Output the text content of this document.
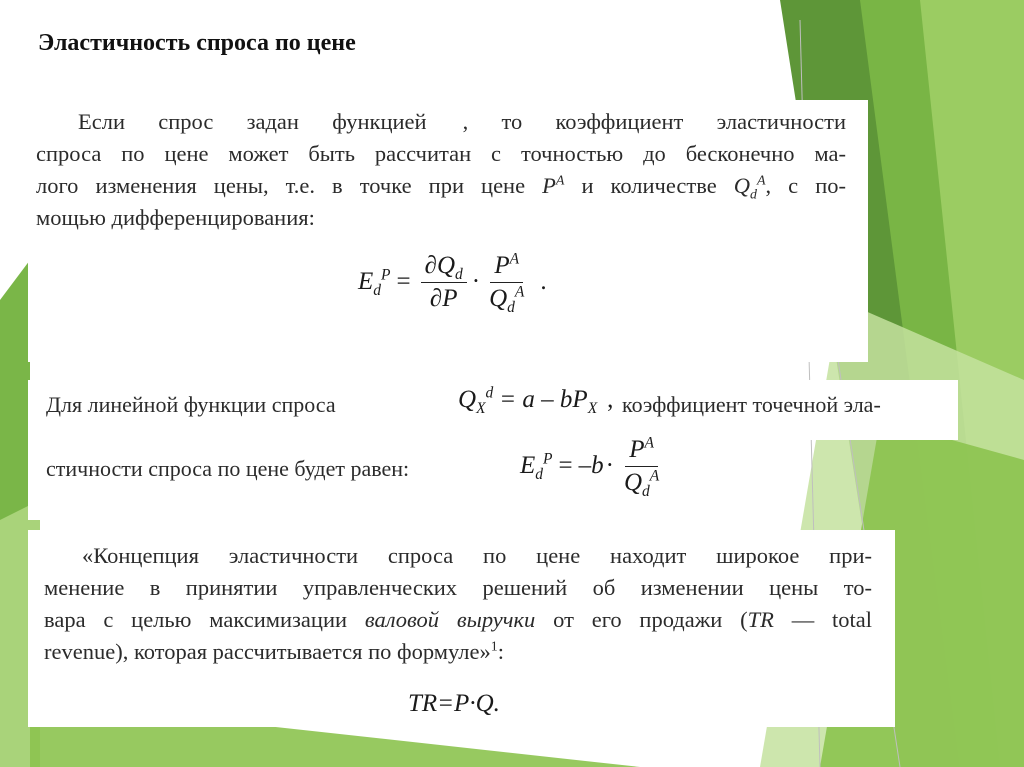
Эластичность спроса по цене
Если спрос задан функцией , то коэффициент эластичности
спроса по цене может быть рассчитан с точностью до бесконечно ма-
лого изменения цены, т.е. в точке при цене $P^A$ и количестве $Q_d^A$, с по-
мощью дифференцирования:
$E_d^P = \frac{\partial Q_d}{\partial P} \cdot \frac{P^A}{Q_d^A}$ .
Для линейной функции спроса	$Q_X^d = a - bP_X$ , коэффициент точечной эла-
стичности спроса по цене будет равен:	$E_d^P = -b \cdot \frac{P^A}{Q_d^A}$
«Концепция эластичности спроса по цене находит широкое при-
менение в принятии управленческих решений об изменении цены то-
вара с целью максимизации валовой выручки от его продажи (TR — total
revenue), которая рассчитывается по формуле»$^1$:
TR=P·Q.
